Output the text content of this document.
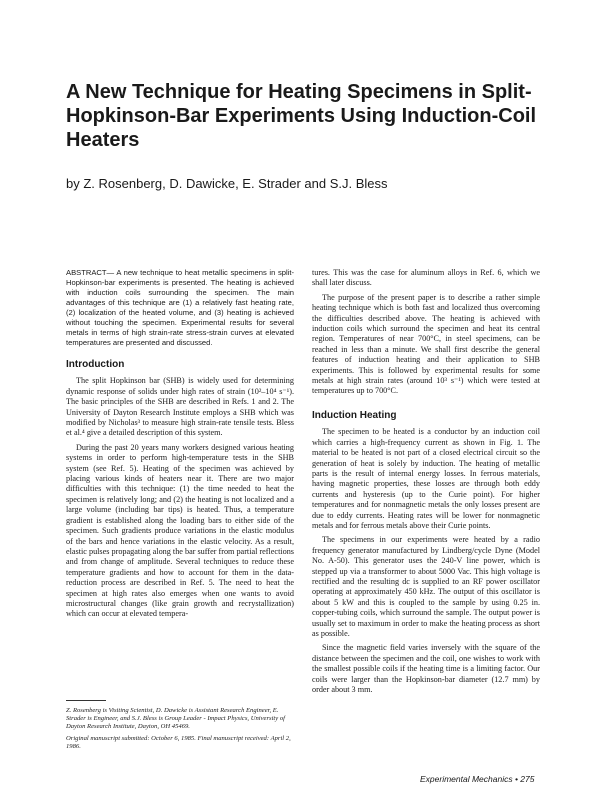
A New Technique for Heating Specimens in Split-Hopkinson-Bar Experiments Using Induction-Coil Heaters

by Z. Rosenberg, D. Dawicke, E. Strader and S.J. Bless

ABSTRACT— A new technique to heat metallic specimens in split-Hopkinson-bar experiments is presented. The heating is achieved with induction coils surrounding the specimen. The main advantages of this technique are (1) a relatively fast heating rate, (2) localization of the heated volume, and (3) heating is achieved without touching the specimen. Experimental results for several metals in terms of high strain-rate stress-strain curves at elevated temperatures are presented and discussed.

Introduction

The split Hopkinson bar (SHB) is widely used for determining dynamic response of solids under high rates of strain (10²–10⁴ s⁻¹). The basic principles of the SHB are described in Refs. 1 and 2. The University of Dayton Research Institute employs a SHB which was modified by Nicholas³ to measure high strain-rate tensile tests. Bless et al.⁴ give a detailed description of this system.

During the past 20 years many workers designed various heating systems in order to perform high-temperature tests in the SHB system (see Ref. 5). Heating of the specimen was achieved by placing various kinds of heaters near it. There are two major difficulties with this technique: (1) the time needed to heat the specimen is relatively long; and (2) the heating is not localized and a large volume (including bar tips) is heated. Thus, a temperature gradient is established along the loading bars to either side of the specimen. Such gradients produce variations in the elastic modulus of the bars and hence variations in the elastic velocity. As a result, elastic pulses propagating along the bar suffer from partial reflections and from change of amplitude. Several techniques to reduce these temperature gradients and how to account for them in the data-reduction process are described in Ref. 5. The need to heat the specimen at high rates also emerges when one wants to avoid microstructural changes (like grain growth and recrystallization) which can occur at elevated tempera-

tures. This was the case for aluminum alloys in Ref. 6, which we shall later discuss.

The purpose of the present paper is to describe a rather simple heating technique which is both fast and localized thus overcoming the difficulties described above. The heating is achieved with induction coils which surround the specimen and heat its central region. Temperatures of near 700°C, in steel specimens, can be reached in less than a minute. We shall first describe the general features of induction heating and their application to SHB experiments. This is followed by experimental results for some metals at high strain rates (around 10³ s⁻¹) which were tested at temperatures up to 700°C.

Induction Heating

The specimen to be heated is a conductor by an induction coil which carries a high-frequency current as shown in Fig. 1. The material to be heated is not part of a closed electrical circuit so the generation of heat is solely by induction. The heating of metallic parts is the result of internal energy losses. In ferrous materials, having magnetic properties, these losses are through both eddy currents and hysteresis (up to the Curie point). For higher temperatures and for nonmagnetic metals the only losses present are due to eddy currents. Heating rates will be lower for nonmagnetic metals and for ferrous metals above their Curie points.

The specimens in our experiments were heated by a radio frequency generator manufactured by Lindberg/cycle Dyne (Model No. A-50). This generator uses the 240-V line power, which is stepped up via a transformer to about 5000 Vac. This high voltage is rectified and the resulting dc is supplied to an RF power oscillator operating at approximately 450 kHz. The output of this oscillator is about 5 kW and this is coupled to the sample by using 0.25 in. copper-tubing coils, which surround the sample. The output power is usually set to maximum in order to make the heating process as short as possible.

Since the magnetic field varies inversely with the square of the distance between the specimen and the coil, one wishes to work with the smallest possible coils if the heating time is a limiting factor. Our coils were larger than the Hopkinson-bar diameter (12.7 mm) by order about 3 mm.

Z. Rosenberg is Visiting Scientist, D. Dawicke is Assistant Research Engineer, E. Strader is Engineer, and S.J. Bless is Group Leader - Impact Physics, University of Dayton Research Institute, Dayton, OH 45469.

Original manuscript submitted: October 6, 1985. Final manuscript received: April 2, 1986.

Experimental Mechanics • 275
